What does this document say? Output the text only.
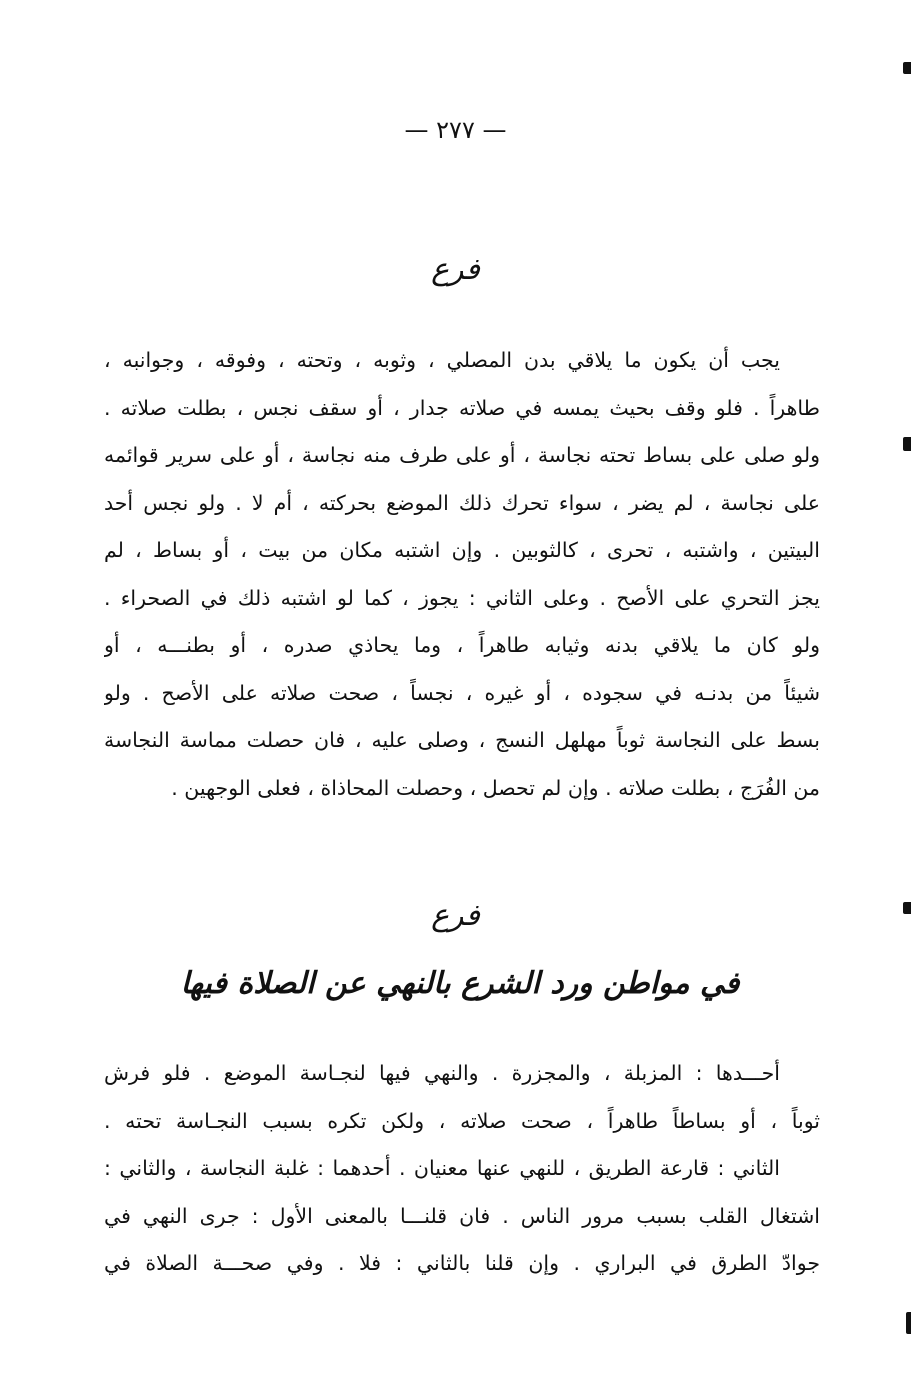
— ٢٧٧ —
فرع
يجب أن يكون ما يلاقي بدن المصلي ، وثوبه ، وتحته ، وفوقه ، وجوانبه ،
طاهراً . فلو وقف بحيث يمسه في صلاته جدار ، أو سقف نجس ، بطلت صلاته .
ولو صلى على بساط تحته نجاسة ، أو على طرف منه نجاسة ، أو على سرير قوائمه
على نجاسة ، لم يضر ، سواء تحرك ذلك الموضع بحركته ، أم لا . ولو نجس أحد
البيتين ، واشتبه ، تحرى ، كالثوبين . وإن اشتبه مكان من بيت ، أو بساط ، لم
يجز التحري على الأصح . وعلى الثاني : يجوز ، كما لو اشتبه ذلك في الصحراء .
ولو كان ما يلاقي بدنه وثيابه طاهراً ، وما يحاذي صدره ، أو بطنـــه ، أو
شيئاً من بدنـه في سجوده ، أو غيره ، نجساً ، صحت صلاته على الأصح . ولو
بسط على النجاسة ثوباً مهلهل النسج ، وصلى عليه ، فان حصلت مماسة النجاسة
من الفُرَج ، بطلت صلاته . وإن لم تحصل ، وحصلت المحاذاة ، فعلى الوجهين .
فرع
في مواطن ورد الشرع بالنهي عن الصلاة فيها
أحـــدها : المزبلة ، والمجزرة . والنهي فيها لنجـاسة الموضع . فلو فرش
ثوباً ، أو بساطاً طاهراً ، صحت صلاته ، ولكن تكره بسبب النجـاسة تحته .
الثاني : قارعة الطريق ، للنهي عنها معنيان . أحدهما : غلبة النجاسة ، والثاني :
اشتغال القلب بسبب مرور الناس . فان قلنـــا بالمعنى الأول : جرى النهي في
جوادّ الطرق في البراري . وإن قلنا بالثاني : فلا . وفي صحـــة الصلاة في
